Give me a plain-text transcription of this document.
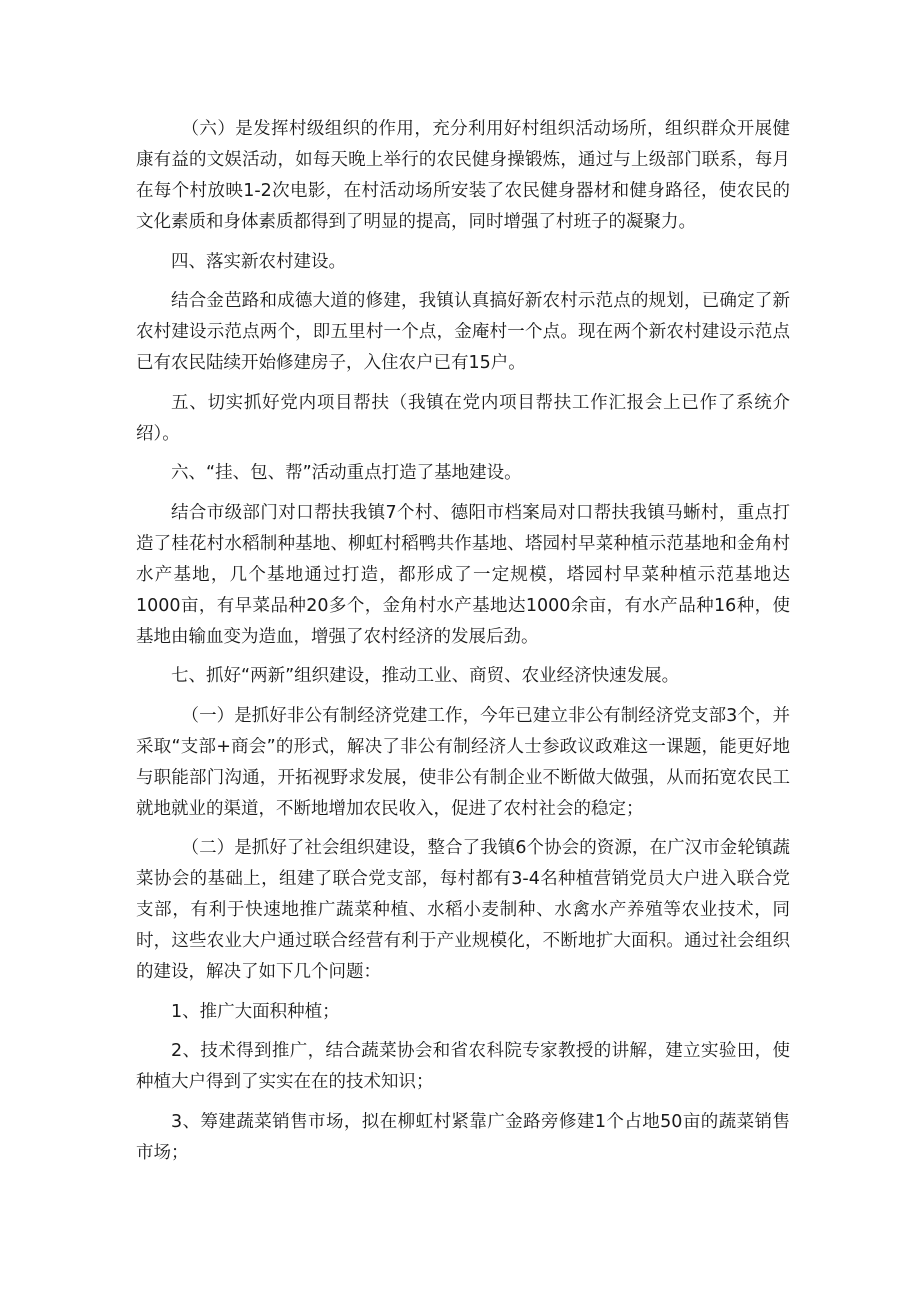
（六）是发挥村级组织的作用，充分利用好村组织活动场所，组织群众开展健康有益的文娱活动，如每天晚上举行的农民健身操锻炼，通过与上级部门联系，每月在每个村放映1-2次电影，在村活动场所安装了农民健身器材和健身路径，使农民的文化素质和身体素质都得到了明显的提高，同时增强了村班子的凝聚力。

四、落实新农村建设。

结合金芭路和成德大道的修建，我镇认真搞好新农村示范点的规划，已确定了新农村建设示范点两个，即五里村一个点，金庵村一个点。现在两个新农村建设示范点已有农民陆续开始修建房子，入住农户已有15户。

五、切实抓好党内项目帮扶（我镇在党内项目帮扶工作汇报会上已作了系统介绍）。

六、“挂、包、帮”活动重点打造了基地建设。

结合市级部门对口帮扶我镇7个村、德阳市档案局对口帮扶我镇马蜥村，重点打造了桂花村水稻制种基地、柳虹村稻鸭共作基地、塔园村早菜种植示范基地和金角村水产基地，几个基地通过打造，都形成了一定规模，塔园村早菜种植示范基地达1000亩，有早菜品种20多个，金角村水产基地达1000余亩，有水产品种16种，使基地由输血变为造血，增强了农村经济的发展后劲。

七、抓好“两新”组织建设，推动工业、商贸、农业经济快速发展。

（一）是抓好非公有制经济党建工作，今年已建立非公有制经济党支部3个，并采取“支部+商会”的形式，解决了非公有制经济人士参政议政难这一课题，能更好地与职能部门沟通，开拓视野求发展，使非公有制企业不断做大做强，从而拓宽农民工就地就业的渠道，不断地增加农民收入，促进了农村社会的稳定；

（二）是抓好了社会组织建设，整合了我镇6个协会的资源，在广汉市金轮镇蔬菜协会的基础上，组建了联合党支部，每村都有3-4名种植营销党员大户进入联合党支部，有利于快速地推广蔬菜种植、水稻小麦制种、水禽水产养殖等农业技术，同时，这些农业大户通过联合经营有利于产业规模化，不断地扩大面积。通过社会组织的建设，解决了如下几个问题：

1、推广大面积种植；

2、技术得到推广，结合蔬菜协会和省农科院专家教授的讲解，建立实验田，使种植大户得到了实实在在的技术知识；

3、筹建蔬菜销售市场，拟在柳虹村紧靠广金路旁修建1个占地50亩的蔬菜销售市场；
